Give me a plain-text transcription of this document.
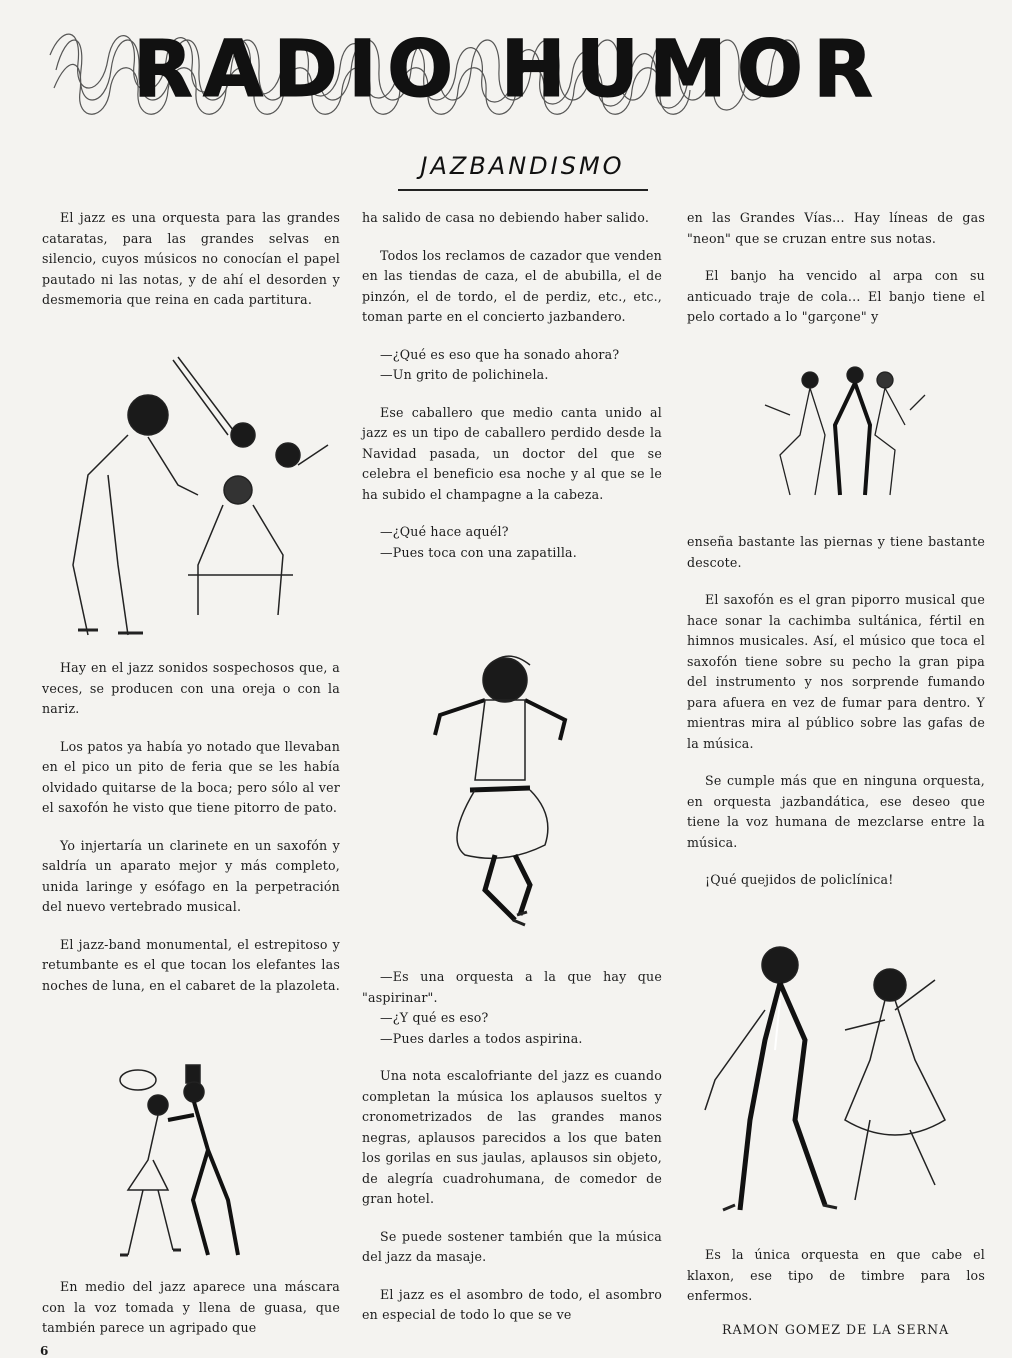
RADIO HUMOR
JAZBANDISMO

El jazz es una orquesta para las grandes cataratas, para las grandes selvas en silencio, cuyos músicos no conocían el papel pautado ni las notas, y de ahí el desorden y desmemoria que reina en cada partitura.

Hay en el jazz sonidos sospechosos que, a veces, se producen con una oreja o con la nariz.

Los patos ya había yo notado que llevaban en el pico un pito de feria que se les había olvidado quitarse de la boca; pero sólo al ver el saxofón he visto que tiene pitorro de pato.

Yo injertaría un clarinete en un saxofón y saldría un aparato mejor y más completo, unida laringe y esófago en la perpetración del nuevo vertebrado musical.

El jazz-band monumental, el estrepitoso y retumbante es el que tocan los elefantes las noches de luna, en el cabaret de la plazoleta.

En medio del jazz aparece una máscara con la voz tomada y llena de guasa, que también parece un agripado que

ha salido de casa no debiendo haber salido.

Todos los reclamos de cazador que venden en las tiendas de caza, el de abubilla, el de pinzón, el de tordo, el de perdiz, etc., etc., toman parte en el concierto jazbandero.

—¿Qué es eso que ha sonado ahora?

—Un grito de polichinela.

Ese caballero que medio canta unido al jazz es un tipo de caballero perdido desde la Navidad pasada, un doctor del que se celebra el beneficio esa noche y al que se le ha subido el champagne a la cabeza.

—¿Qué hace aquél?

—Pues toca con una zapatilla.

—Es una orquesta a la que hay que "aspirinar".

—¿Y qué es eso?

—Pues darles a todos aspirina.

Una nota escalofriante del jazz es cuando completan la música los aplausos sueltos y cronometrizados de las grandes manos negras, aplausos parecidos a los que baten los gorilas en sus jaulas, aplausos sin objeto, de alegría cuadrohumana, de comedor de gran hotel.

Se puede sostener también que la música del jazz da masaje.

El jazz es el asombro de todo, el asombro en especial de todo lo que se ve

en las Grandes Vías... Hay líneas de gas "neon" que se cruzan entre sus notas.

El banjo ha vencido al arpa con su anticuado traje de cola... El banjo tiene el pelo cortado a lo "garçone" y

enseña bastante las piernas y tiene bastante descote.

El saxofón es el gran piporro musical que hace sonar la cachimba sultánica, fértil en himnos musicales. Así, el músico que toca el saxofón tiene sobre su pecho la gran pipa del instrumento y nos sorprende fumando para afuera en vez de fumar para dentro. Y mientras mira al público sobre las gafas de la música.

Se cumple más que en ninguna orquesta, en orquesta jazbandática, ese deseo que tiene la voz humana de mezclarse entre la música.

¡Qué quejidos de policlínica!

Es la única orquesta en que cabe el klaxon, ese tipo de timbre para los enfermos.

RAMON GOMEZ DE LA SERNA
6
